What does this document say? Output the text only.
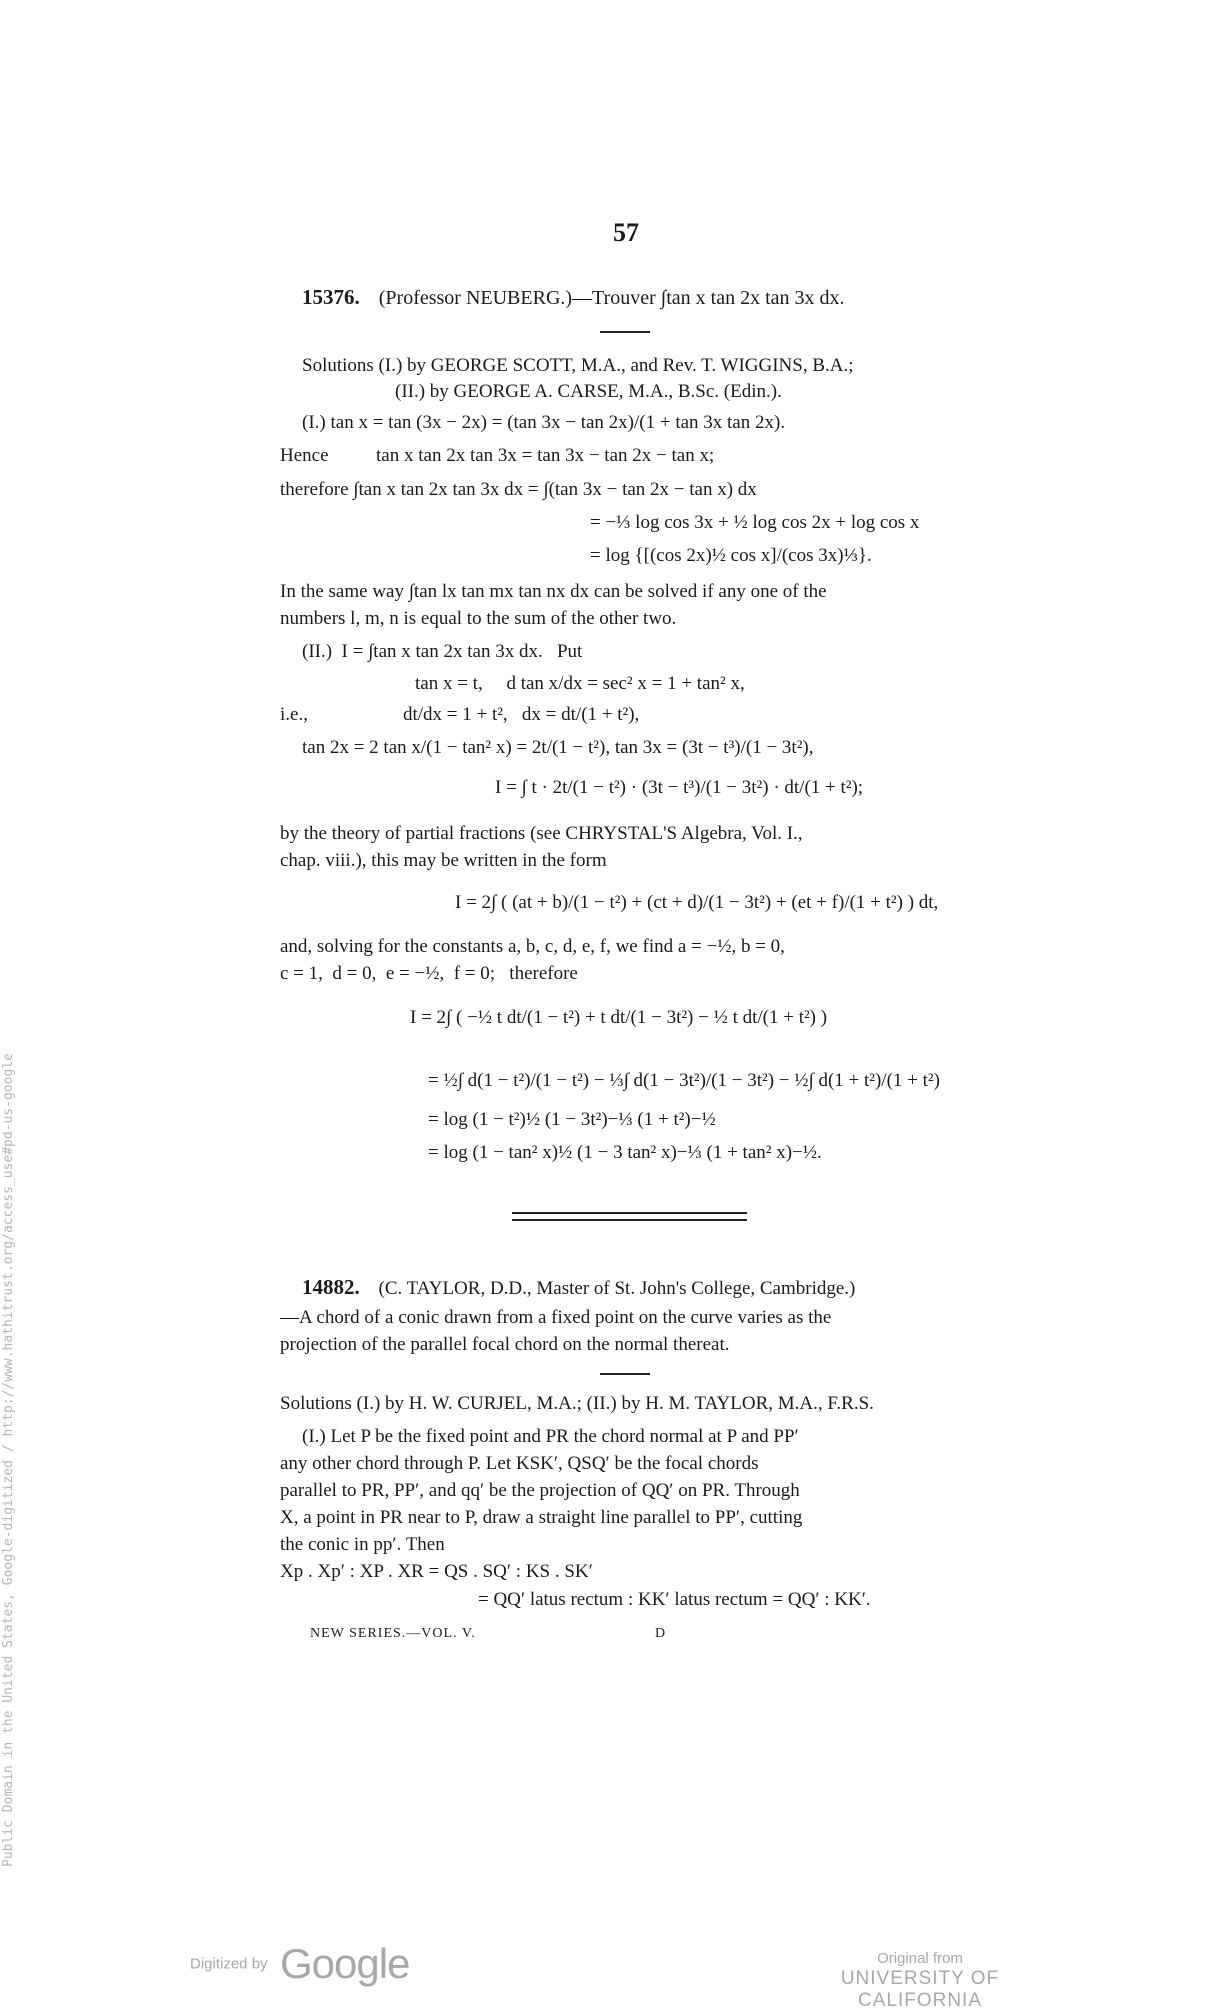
57
15376. (Professor NEUBERG.)—Trouver ∫tan x tan 2x tan 3x dx.
Solutions (I.) by GEORGE SCOTT, M.A., and Rev. T. WIGGINS, B.A.;
(II.) by GEORGE A. CARSE, M.A., B.Sc. (Edin.).
(I.) tan x = tan (3x − 2x) = (tan 3x − tan 2x)/(1 + tan 3x tan 2x).
Hence          tan x tan 2x tan 3x = tan 3x − tan 2x − tan x;
therefore ∫tan x tan 2x tan 3x dx = ∫(tan 3x − tan 2x − tan x) dx
= −⅓ log cos 3x + ½ log cos 2x + log cos x
= log {[(cos 2x)½ cos x]/(cos 3x)⅓}.
In the same way ∫tan lx tan mx tan nx dx can be solved if any one of the
numbers l, m, n is equal to the sum of the other two.
(II.)  I = ∫tan x tan 2x tan 3x dx.   Put
tan x = t,     d tan x/dx = sec² x = 1 + tan² x,
i.e.,                    dt/dx = 1 + t²,   dx = dt/(1 + t²),
tan 2x = 2 tan x/(1 − tan² x) = 2t/(1 − t²), tan 3x = (3t − t³)/(1 − 3t²),
I = ∫ t · 2t/(1 − t²) · (3t − t³)/(1 − 3t²) · dt/(1 + t²);
by the theory of partial fractions (see CHRYSTAL'S Algebra, Vol. I.,
chap. viii.), this may be written in the form
I = 2∫ ( (at + b)/(1 − t²) + (ct + d)/(1 − 3t²) + (et + f)/(1 + t²) ) dt,
and, solving for the constants a, b, c, d, e, f, we find a = −½, b = 0,
c = 1,  d = 0,  e = −½,  f = 0;   therefore
I = 2∫ ( −½ t dt/(1 − t²) + t dt/(1 − 3t²) − ½ t dt/(1 + t²) )
= ½∫ d(1 − t²)/(1 − t²) − ⅓∫ d(1 − 3t²)/(1 − 3t²) − ½∫ d(1 + t²)/(1 + t²)
= log (1 − t²)½ (1 − 3t²)−⅓ (1 + t²)−½
= log (1 − tan² x)½ (1 − 3 tan² x)−⅓ (1 + tan² x)−½.
14882. (C. TAYLOR, D.D., Master of St. John's College, Cambridge.)
—A chord of a conic drawn from a fixed point on the curve varies as the
projection of the parallel focal chord on the normal thereat.
Solutions (I.) by H. W. CURJEL, M.A.; (II.) by H. M. TAYLOR, M.A., F.R.S.
(I.) Let P be the fixed point and PR the chord normal at P and PP′
any other chord through P. Let KSK′, QSQ′ be the focal chords
parallel to PR, PP′, and qq′ be the projection of QQ′ on PR. Through
X, a point in PR near to P, draw a straight line parallel to PP′, cutting
the conic in pp′. Then
Xp . Xp′ : XP . XR = QS . SQ′ : KS . SK′
= QQ′ latus rectum : KK′ latus rectum = QQ′ : KK′.
NEW SERIES.—VOL. V.	D
Public Domain in the United States, Google-digitized / http://www.hathitrust.org/access_use#pd-us-google
Digitized by Google	Original from
UNIVERSITY OF CALIFORNIA
